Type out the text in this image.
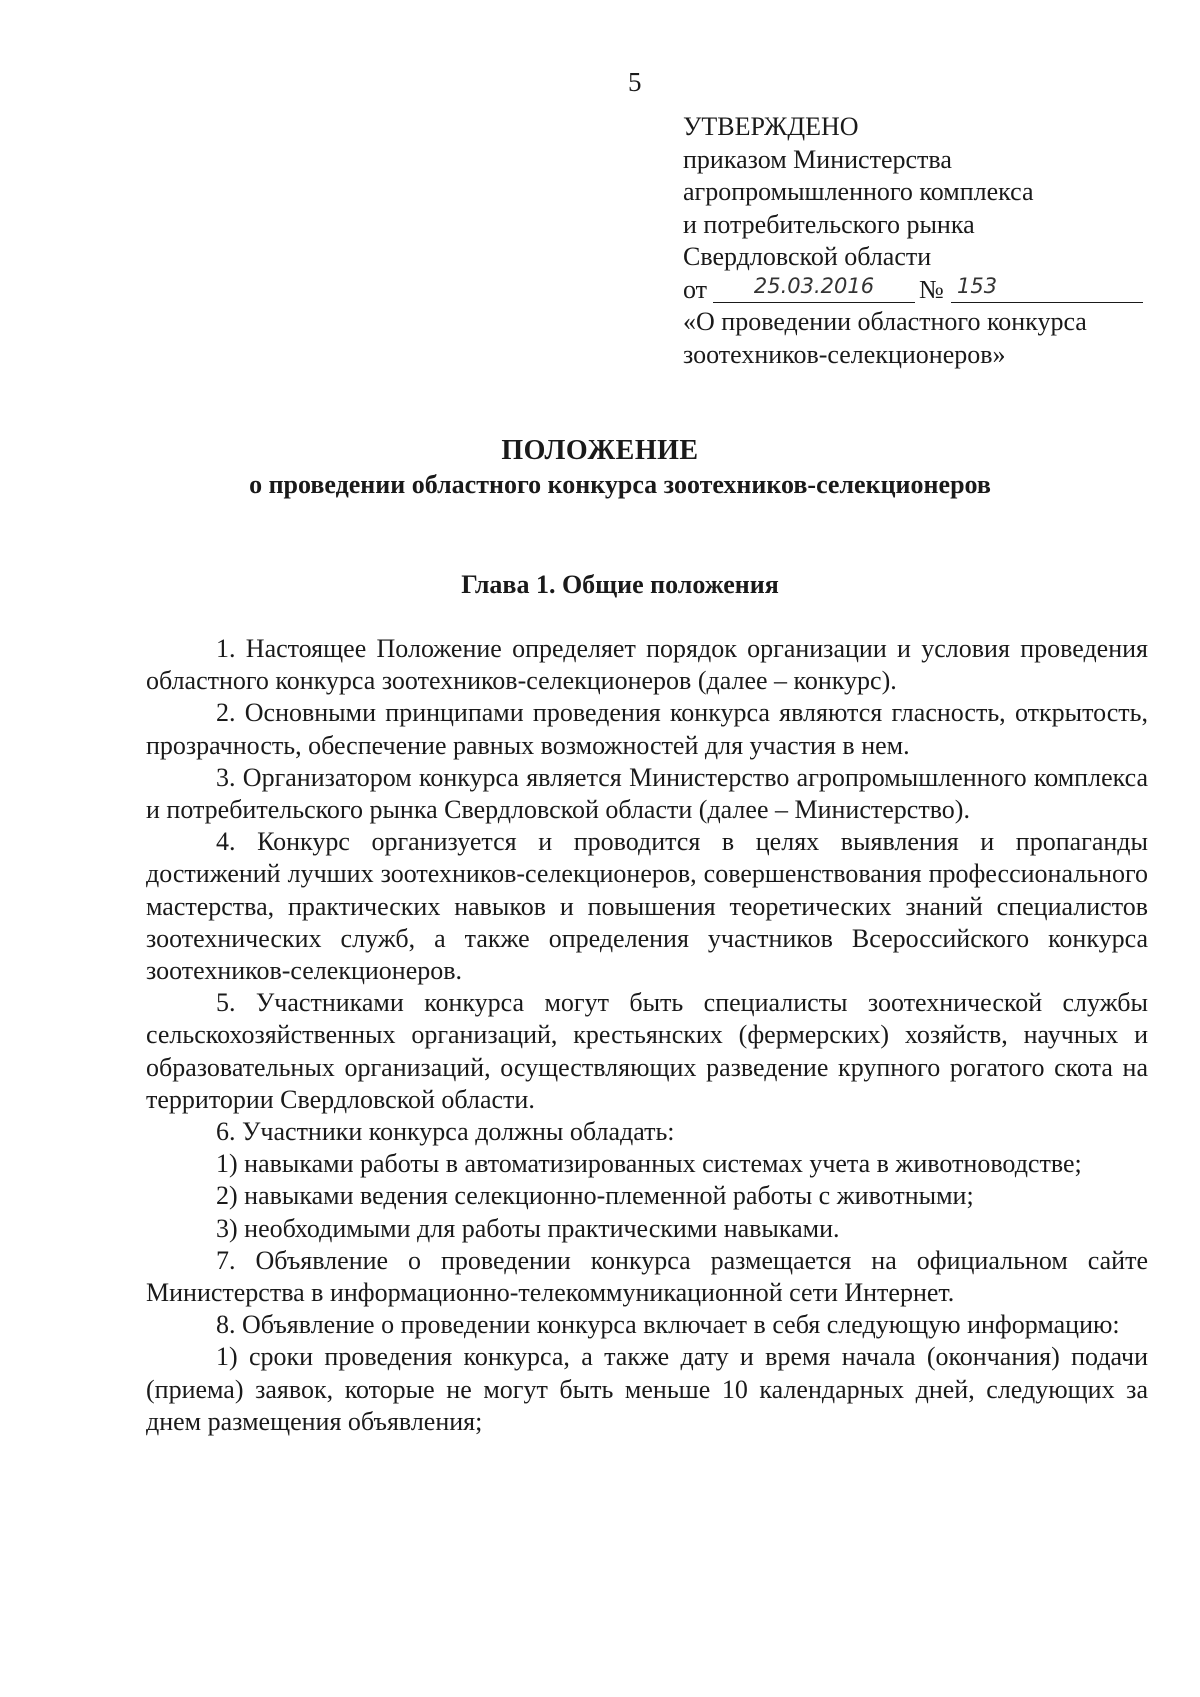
5
УТВЕРЖДЕНО
приказом Министерства
агропромышленного комплекса
и потребительского рынка
Свердловской области
от	25.03.2016	№ 153
«О проведении областного конкурса
зоотехников-селекционеров»
ПОЛОЖЕНИЕ
о проведении областного конкурса зоотехников-селекционеров
Глава 1. Общие положения

1. Настоящее Положение определяет порядок организации и условия проведения областного конкурса зоотехников-селекционеров (далее – конкурс).

2. Основными принципами проведения конкурса являются гласность, открытость, прозрачность, обеспечение равных возможностей для участия в нем.

3. Организатором конкурса является Министерство агропромышленного комплекса и потребительского рынка Свердловской области (далее – Министерство).

4. Конкурс организуется и проводится в целях выявления и пропаганды достижений лучших зоотехников-селекционеров, совершенствования профессионального мастерства, практических навыков и повышения теоретических знаний специалистов зоотехнических служб, а также определения участников Всероссийского конкурса зоотехников-селекционеров.

5. Участниками конкурса могут быть специалисты зоотехнической службы сельскохозяйственных организаций, крестьянских (фермерских) хозяйств, научных и образовательных организаций, осуществляющих разведение крупного рогатого скота на территории Свердловской области.

6. Участники конкурса должны обладать:

1) навыками работы в автоматизированных системах учета в животноводстве;

2) навыками ведения селекционно-племенной работы с животными;

3) необходимыми для работы практическими навыками.

7. Объявление о проведении конкурса размещается на официальном сайте Министерства в информационно-телекоммуникационной сети Интернет.

8. Объявление о проведении конкурса включает в себя следующую информацию:

1) сроки проведения конкурса, а также дату и время начала (окончания) подачи (приема) заявок, которые не могут быть меньше 10 календарных дней, следующих за днем размещения объявления;
